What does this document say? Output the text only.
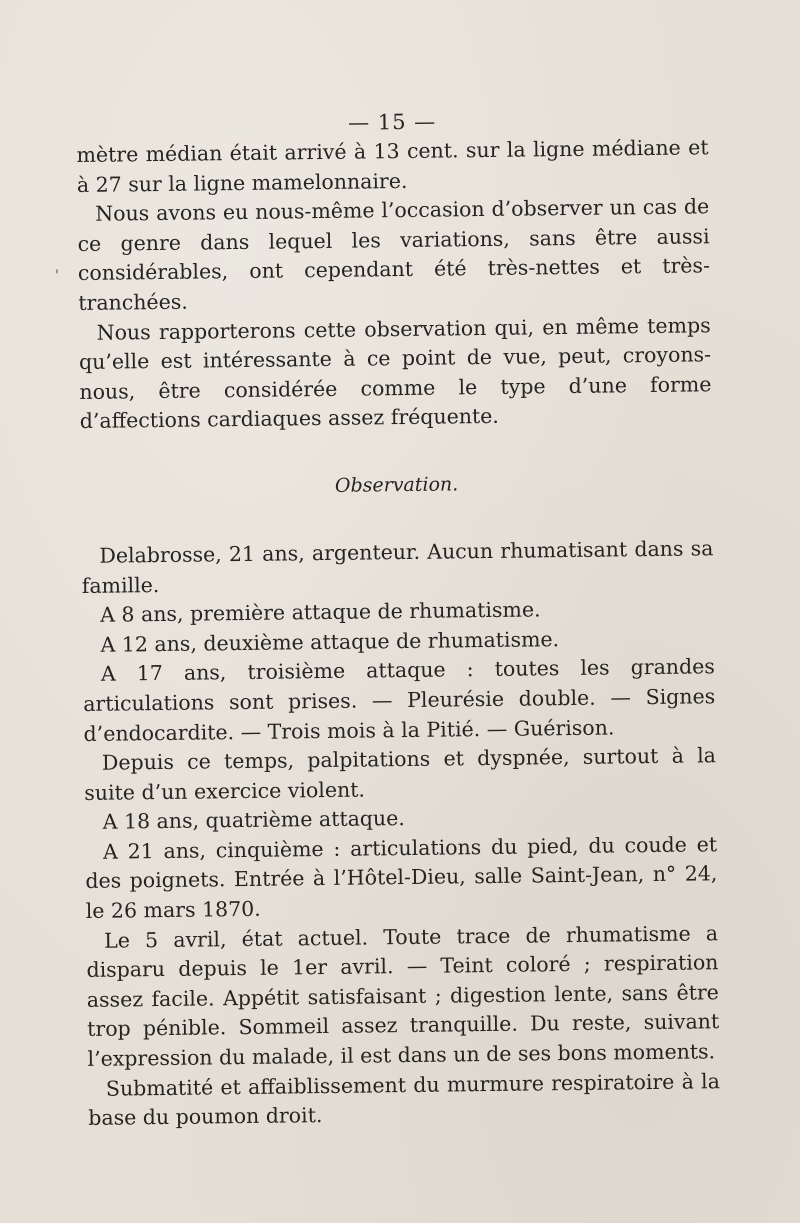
'
— 15 —

mètre médian était arrivé à 13 cent. sur la ligne médiane et à 27 sur la ligne mamelonnaire.

Nous avons eu nous-même l’occasion d’observer un cas de ce genre dans lequel les variations, sans être aussi considérables, ont cependant été très-nettes et très-tranchées.

Nous rapporterons cette observation qui, en même temps qu’elle est intéressante à ce point de vue, peut, croyons-nous, être considérée comme le type d’une forme d’affections cardiaques assez fréquente.

Observation.

Delabrosse, 21 ans, argenteur. Aucun rhumatisant dans sa famille.

A 8 ans, première attaque de rhumatisme.

A 12 ans, deuxième attaque de rhumatisme.

A 17 ans, troisième attaque : toutes les grandes articulations sont prises. — Pleurésie double. — Signes d’endocardite. — Trois mois à la Pitié. — Guérison.

Depuis ce temps, palpitations et dyspnée, surtout à la suite d’un exercice violent.

A 18 ans, quatrième attaque.

A 21 ans, cinquième : articulations du pied, du coude et des poignets. Entrée à l’Hôtel-Dieu, salle Saint-Jean, n° 24, le 26 mars 1870.

Le 5 avril, état actuel. Toute trace de rhumatisme a disparu depuis le 1er avril. — Teint coloré ; respiration assez facile. Appétit satisfaisant ; digestion lente, sans être trop pénible. Sommeil assez tranquille. Du reste, suivant l’expression du malade, il est dans un de ses bons moments.

Submatité et affaiblissement du murmure respiratoire à la base du poumon droit.
